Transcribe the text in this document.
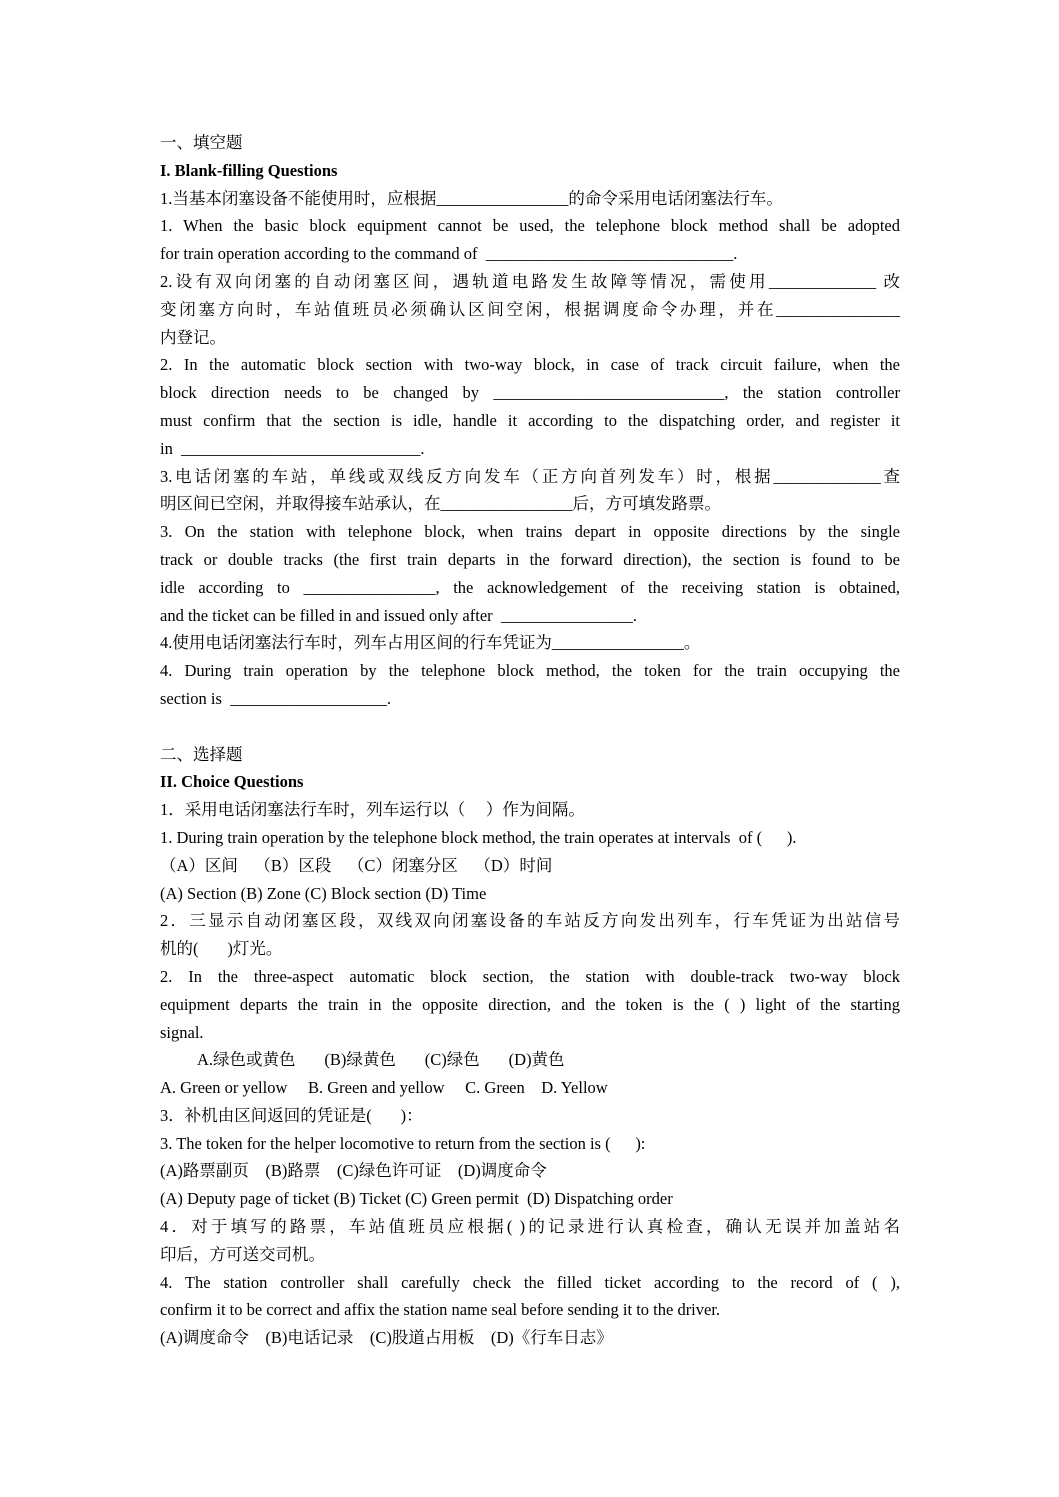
一、填空题
I. Blank-filling Questions
1.当基本闭塞设备不能使用时，应根据________________的命令采用电话闭塞法行车。
1. When the basic block equipment cannot be used, the telephone block method shall be adopted
for train operation according to the command of  ______________________________.
2.设有双向闭塞的自动闭塞区间，遇轨道电路发生故障等情况，需使用_____________ 改
变闭塞方向时，车站值班员必须确认区间空闲，根据调度命令办理，并在_______________
内登记。
2. In the automatic block section with two-way block, in case of track circuit failure, when the
block direction needs to be changed by ____________________________, the station controller
must confirm that the section is idle, handle it according to the dispatching order, and register it
in  _____________________________.
3.电话闭塞的车站，单线或双线反方向发车（正方向首列发车）时，根据_____________查
明区间已空闲，并取得接车站承认，在________________后，方可填发路票。
3. On the station with telephone block, when trains depart in opposite directions by the single
track or double tracks (the first train departs in the forward direction), the section is found to be
idle according to ________________, the acknowledgement of the receiving station is obtained,
and the ticket can be filled in and issued only after  ________________.
4.使用电话闭塞法行车时，列车占用区间的行车凭证为________________。
4. During train operation by the telephone block method, the token for the train occupying the
section is  ___________________.
二、选择题
II. Choice Questions
1．采用电话闭塞法行车时，列车运行以（     ）作为间隔。
1. During train operation by the telephone block method, the train operates at intervals  of (      ).
（A）区间    （B）区段    （C）闭塞分区    （D）时间
(A) Section (B) Zone (C) Block section (D) Time
2．三显示自动闭塞区段，双线双向闭塞设备的车站反方向发出列车，行车凭证为出站信号
机的(       )灯光。
2. In the three-aspect automatic block section, the station with double-track two-way block
equipment departs the train in the opposite direction, and the token is the ( ) light of the starting
signal.
A.绿色或黄色       (B)绿黄色       (C)绿色       (D)黄色
A. Green or yellow     B. Green and yellow     C. Green    D. Yellow
3．补机由区间返回的凭证是(       )：
3. The token for the helper locomotive to return from the section is (      ):
(A)路票副页    (B)路票    (C)绿色许可证    (D)调度命令
(A) Deputy page of ticket (B) Ticket (C) Green permit  (D) Dispatching order
4．对于填写的路票，车站值班员应根据( )的记录进行认真检查，确认无误并加盖站名
印后，方可送交司机。
4. The station controller shall carefully check the filled ticket according to the record of ( ),
confirm it to be correct and affix the station name seal before sending it to the driver.
(A)调度命令    (B)电话记录    (C)股道占用板    (D)《行车日志》
